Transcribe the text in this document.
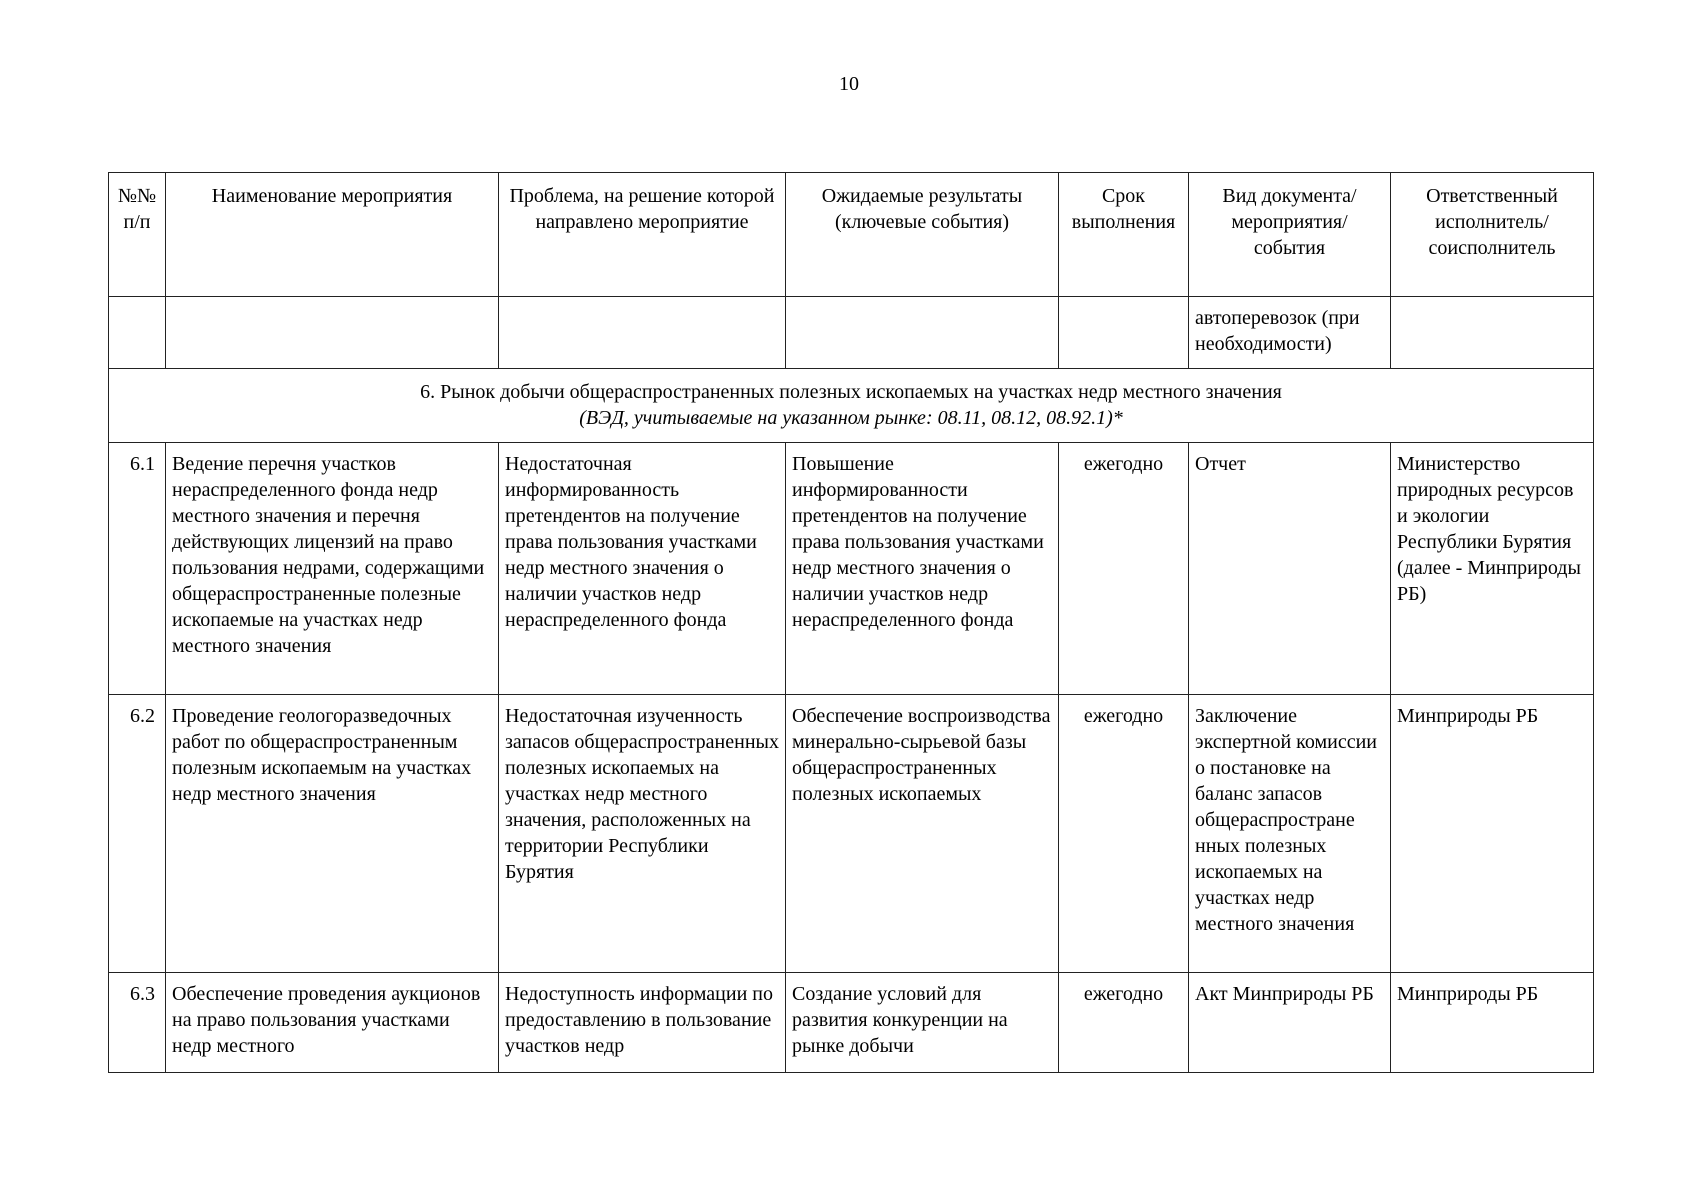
10
№№ п/п	Наименование мероприятия	Проблема, на решение которой направлено мероприятие	Ожидаемые результаты (ключевые события)	Срок выполнения	Вид документа/ мероприятия/ события	Ответственный исполнитель/ соисполнитель
					автоперевозок (при необходимости)	

6. Рынок добычи общераспространенных полезных ископаемых на участках недр местного значения
(ВЭД, учитываемые на указанном рынке: 08.11, 08.12, 08.92.1)*						

6.1	Ведение перечня участков нераспределенного фонда недр местного значения и перечня действующих лицензий на право пользования недрами, содержащими общераспространенные полезные ископаемые на участках недр местного значения	Недостаточная информированность претендентов на получение права пользования участками недр местного значения о наличии участков недр нераспределенного фонда	Повышение информированности претендентов на получение права пользования участками недр местного значения о наличии участков недр нераспределенного фонда	ежегодно	Отчет	Министерство природных ресурсов и экологии Республики Бурятия (далее - Минприроды РБ)
6.2	Проведение геологоразведочных работ по общераспространенным полезным ископаемым на участках недр местного значения	Недостаточная изученность запасов общераспространенных полезных ископаемых на участках недр местного значения, расположенных на территории Республики Бурятия	Обеспечение воспроизводства минерально-сырьевой базы общераспространенных полезных ископаемых	ежегодно	Заключение экспертной комиссии о постановке на баланс запасов общераспростране нных полезных ископаемых на участках недр местного значения	Минприроды РБ
6.3	Обеспечение проведения аукционов на право пользования участками недр местного	Недоступность информации по предоставлению в пользование участков недр	Создание условий для развития конкуренции на рынке добычи	ежегодно	Акт Минприроды РБ	Минприроды РБ
